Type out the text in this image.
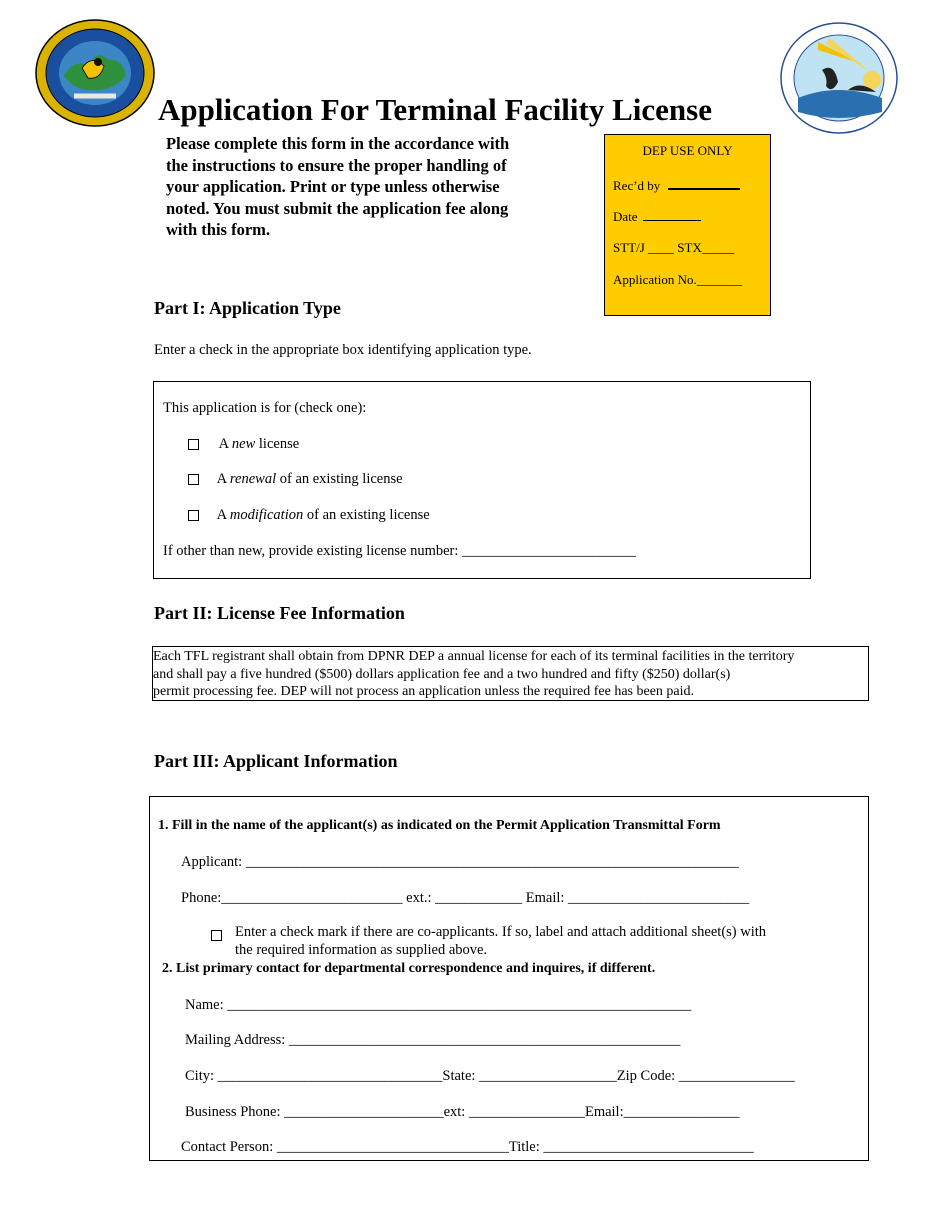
Application For Terminal Facility License
Please complete this form in the accordance with
the instructions to ensure the proper handling of
your application. Print or type unless otherwise
noted. You must submit the application fee along
with this form.
DEP USE ONLY
Rec’d by
Date
STT/J ____ STX_____
Application No._______
Part I: Application Type
Enter a check in the appropriate box identifying application type.
This application is for (check one):
A new license
A renewal of an existing license
A modification of an existing license
If other than new, provide existing license number: ________________________
Part II: License Fee Information
Each TFL registrant shall obtain from DPNR DEP a annual license for each of its terminal facilities in the territory
and shall pay a five hundred ($500) dollars application fee and a two hundred and fifty ($250) dollar(s)
permit processing fee. DEP will not process an application unless the required fee has been paid.
Part III: Applicant Information
1. Fill in the name of the applicant(s) as indicated on the Permit Application Transmittal Form
Applicant: ____________________________________________________________________
Phone:_________________________ ext.: ____________ Email: _________________________
Enter a check mark if there are co-applicants. If so, label and attach additional sheet(s) with
the required information as supplied above.
2. List primary contact for departmental correspondence and inquires, if different.
Name: ________________________________________________________________
Mailing Address: ______________________________________________________
City: _______________________________State: ___________________Zip Code: ________________
Business Phone: ______________________ext: ________________Email:________________
Contact Person: ________________________________Title: _____________________________
